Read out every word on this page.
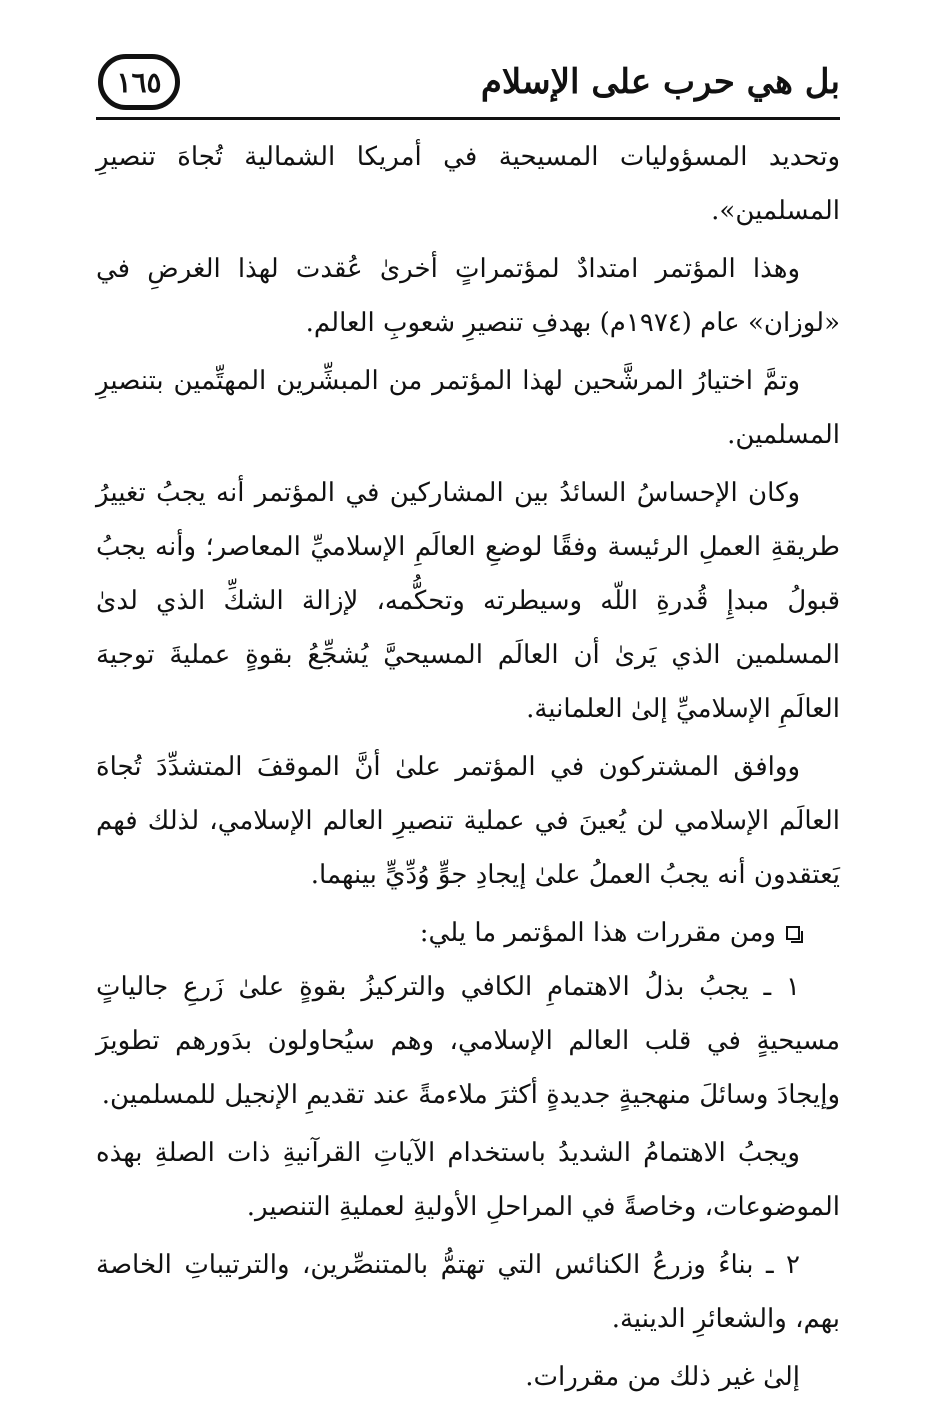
بل هي حرب على الإسلام
١٦٥

وتحديد المسؤوليات المسيحية في أمريكا الشمالية تُجاهَ تنصيرِ المسلمين».

وهذا المؤتمر امتدادٌ لمؤتمراتٍ أخرىٰ عُقدت لهذا الغرضِ في «لوزان» عام (١٩٧٤م) بهدفِ تنصيرِ شعوبِ العالم.

وتمَّ اختيارُ المرشَّحين لهذا المؤتمر من المبشِّرين المهتِّمين بتنصيرِ المسلمين.

وكان الإحساسُ السائدُ بين المشاركين في المؤتمر أنه يجبُ تغييرُ طريقةِ العملِ الرئيسة وفقًا لوضعِ العالَمِ الإسلاميِّ المعاصر؛ وأنه يجبُ قبولُ مبدإِ قُدرةِ اللّه وسيطرته وتحكُّمه، لإزالة الشكِّ الذي لدىٰ المسلمين الذي يَرىٰ أن العالَم المسيحيَّ يُشجِّعُ بقوةٍ عمليةَ توجيهَ العالَمِ الإسلاميِّ إلىٰ العلمانية.

ووافق المشتركون في المؤتمر علىٰ أنَّ الموقفَ المتشدِّدَ تُجاهَ العالَم الإسلامي لن يُعينَ في عملية تنصيرِ العالم الإسلامي، لذلك فهم يَعتقدون أنه يجبُ العملُ علىٰ إيجادِ جوٍّ وُدِّيٍّ بينهما.

ومن مقررات هذا المؤتمر ما يلي:

١ ـ يجبُ بذلُ الاهتمامِ الكافي والتركيزُ بقوةٍ علىٰ زَرعِ جالياتٍ مسيحيةٍ في قلب العالم الإسلامي، وهم سيُحاولون بدَورهم تطويرَ وإيجادَ وسائلَ منهجيةٍ جديدةٍ أكثرَ ملاءمةً عند تقديمِ الإنجيل للمسلمين.

ويجبُ الاهتمامُ الشديدُ باستخدام الآياتِ القرآنيةِ ذات الصلةِ بهذه الموضوعات، وخاصةً في المراحلِ الأوليةِ لعمليةِ التنصير.

٢ ـ بناءُ وزرعُ الكنائس التي تهتمُّ بالمتنصِّرين، والترتيباتِ الخاصة بهم، والشعائرِ الدينية.

إلىٰ غير ذلك من مقررات.
